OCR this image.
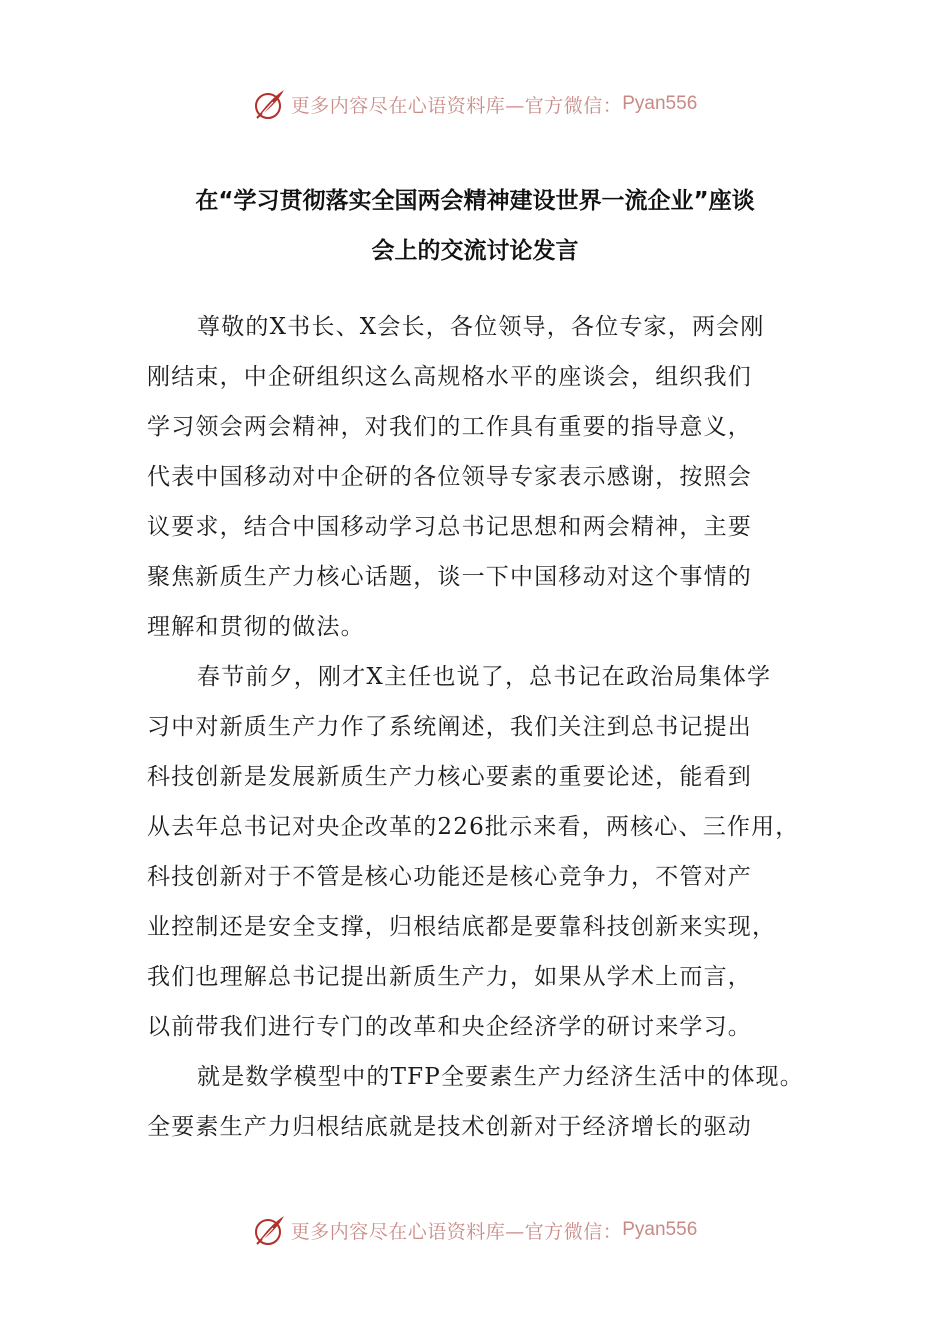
更多内容尽在心语资料库—官方微信： Pyan556
在“学习贯彻落实全国两会精神建设世界一流企业”座谈
会上的交流讨论发言
尊敬的X书长、X会长，各位领导，各位专家，两会刚
刚结束，中企研组织这么高规格水平的座谈会，组织我们
学习领会两会精神，对我们的工作具有重要的指导意义，
代表中国移动对中企研的各位领导专家表示感谢，按照会
议要求，结合中国移动学习总书记思想和两会精神，主要
聚焦新质生产力核心话题，谈一下中国移动对这个事情的
理解和贯彻的做法。
春节前夕，刚才X主任也说了，总书记在政治局集体学
习中对新质生产力作了系统阐述，我们关注到总书记提出
科技创新是发展新质生产力核心要素的重要论述，能看到
从去年总书记对央企改革的226批示来看，两核心、三作用，
科技创新对于不管是核心功能还是核心竞争力，不管对产
业控制还是安全支撑，归根结底都是要靠科技创新来实现，
我们也理解总书记提出新质生产力，如果从学术上而言，
以前带我们进行专门的改革和央企经济学的研讨来学习。
就是数学模型中的TFP全要素生产力经济生活中的体现。
全要素生产力归根结底就是技术创新对于经济增长的驱动
更多内容尽在心语资料库—官方微信： Pyan556
